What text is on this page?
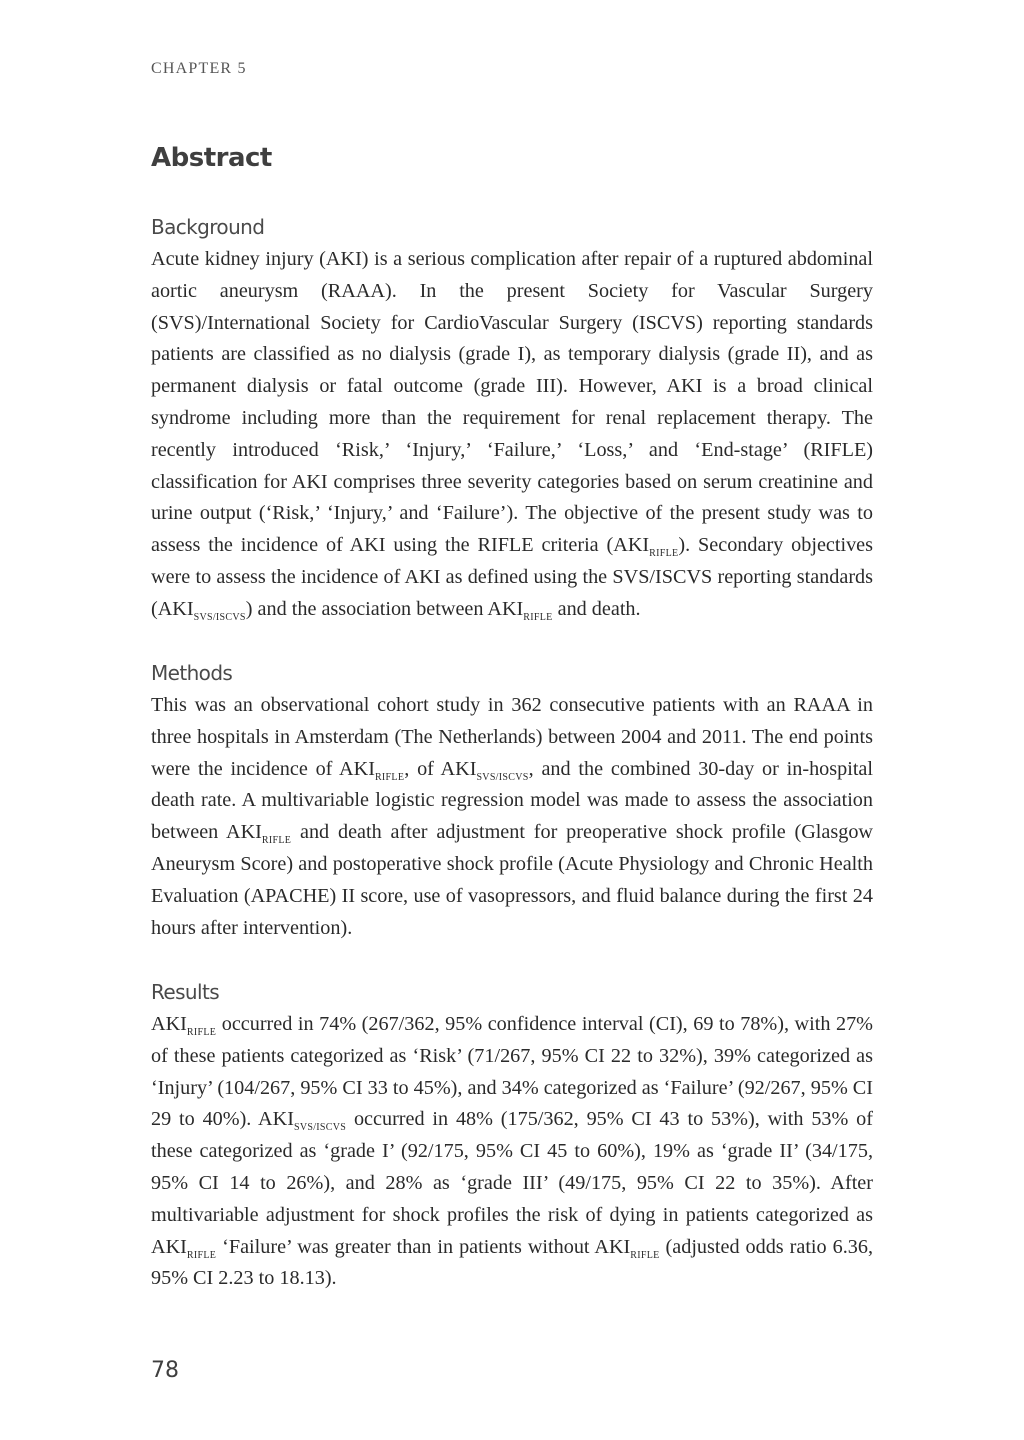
CHAPTER 5
Abstract
Background

Acute kidney injury (AKI) is a serious complication after repair of a ruptured abdominal aortic aneurysm (RAAA). In the present Society for Vascular Surgery (SVS)/International Society for CardioVascular Surgery (ISCVS) reporting standards patients are classified as no dialysis (grade I), as temporary dialysis (grade II), and as permanent dialysis or fatal outcome (grade III). However, AKI is a broad clinical syndrome including more than the requirement for renal replacement therapy. The recently introduced ‘Risk,’ ‘Injury,’ ‘Failure,’ ‘Loss,’ and ‘End-stage’ (RIFLE) classification for AKI comprises three severity categories based on serum creatinine and urine output (‘Risk,’ ‘Injury,’ and ‘Failure’). The objective of the present study was to assess the incidence of AKI using the RIFLE criteria $(AKI_{RIFLE})$. Secondary objectives were to assess the incidence of AKI as defined using the SVS/ISCVS reporting standards $(AKI_{SVS/ISCVS})$ and the association between $AKI_{RIFLE}$ and death.

Methods

This was an observational cohort study in 362 consecutive patients with an RAAA in three hospitals in Amsterdam (The Netherlands) between 2004 and 2011. The end points were the incidence of $AKI_{RIFLE}$, of $AKI_{SVS/ISCVS}$, and the combined 30-day or in-hospital death rate. A multivariable logistic regression model was made to assess the association between $AKI_{RIFLE}$ and death after adjustment for preoperative shock profile (Glasgow Aneurysm Score) and postoperative shock profile (Acute Physiology and Chronic Health Evaluation (APACHE) II score, use of vasopressors, and fluid balance during the first 24 hours after intervention).

Results

$AKI_{RIFLE}$ occurred in 74% (267/362, 95% confidence interval (CI), 69 to 78%), with 27% of these patients categorized as ‘Risk’ (71/267, 95% CI 22 to 32%), 39% categorized as ‘Injury’ (104/267, 95% CI 33 to 45%), and 34% categorized as ‘Failure’ (92/267, 95% CI 29 to 40%). $AKI_{SVS/ISCVS}$ occurred in 48% (175/362, 95% CI 43 to 53%), with 53% of these categorized as ‘grade I’ (92/175, 95% CI 45 to 60%), 19% as ‘grade II’ (34/175, 95% CI 14 to 26%), and 28% as ‘grade III’ (49/175, 95% CI 22 to 35%). After multivariable adjustment for shock profiles the risk of dying in patients categorized as $AKI_{RIFLE}$ ‘Failure’ was greater than in patients without $AKI_{RIFLE}$ (adjusted odds ratio 6.36, 95% CI 2.23 to 18.13).

78
